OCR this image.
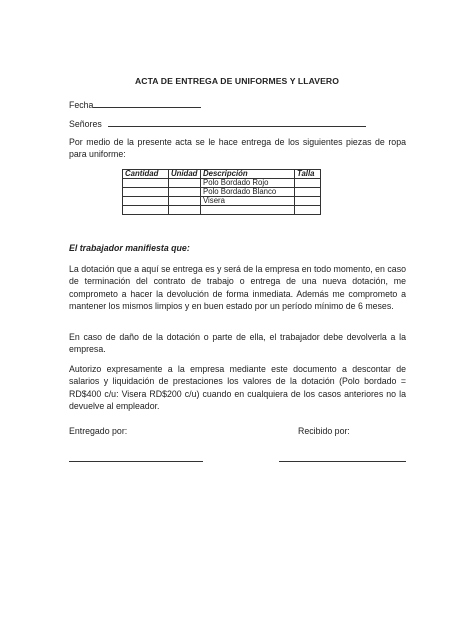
ACTA DE ENTREGA DE UNIFORMES Y LLAVERO
Fecha
Señores
Por medio de la presente acta se le hace entrega de los siguientes piezas de ropa para uniforme:
Cantidad	Unidad	Descripción	Talla
		Polo Bordado Rojo	
		Polo Bordado Blanco	
		Visera	

El trabajador manifiesta que:
La dotación que a aquí se entrega es y será de la empresa en todo momento, en caso de terminación del contrato de trabajo o entrega de una nueva dotación, me comprometo a hacer la devolución de forma inmediata. Además me comprometo a mantener los mismos limpios y en buen estado por un período mínimo de 6 meses.
En caso de daño de la dotación o parte de ella, el trabajador debe devolverla a la empresa.
Autorizo expresamente a la empresa mediante este documento a descontar de salarios y liquidación de prestaciones los valores de la dotación (Polo bordado = RD$400 c/u: Visera RD$200 c/u) cuando en cualquiera de los casos anteriores no la devuelve al empleador.
Entregado por:	Recibido por:
